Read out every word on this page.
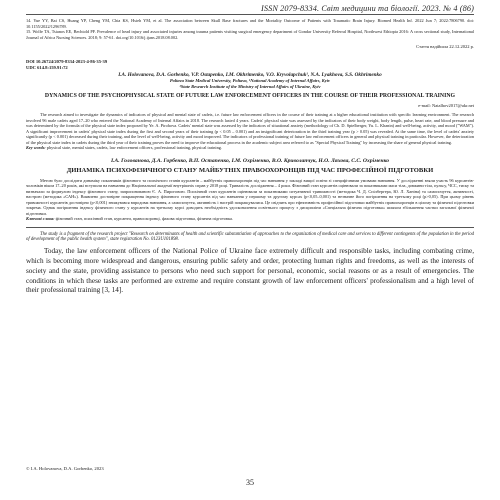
ISSN 2079-8334. Світ медицини та біології. 2023. № 4 (86)
14. Yue YY, Bai CS, Huang YP, Cheng YM, Chia KS, Hsieh YM, et al. The association between Skull Base fractures and the Mortality Outcome of Patients with Traumatic Brain Injury. Biomed Health Inf. 2022 Jun 7; 2022:7806790. doi: 10.1155/2022/1296789.
15. Wolfe TA, Tsianos EE, Bechtold PF. Prevalence of head injury and associated injuries among trauma patients visiting surgical emergency department of Gondar University Referral Hospital, Northwest Ethiopia 2016: A cross sectional study, International Journal of Africa Nursing Sciences. 2018; 9: 57-61. doi.org/10.1016/j.ijans.2018.08.002.
Стаття надійшла 22.12.2022 р.
DOI 10.26724/2079-8334-2023-4-86-35-39
UDC 614.8:159.91:72
I.A. Holovanova, D.A. Gorbenko, V.P. Ostapenko, I.M. Okhrimenko, V.O. Kryvolapchuk¹, N.A. Lyakhova, S.S. Okhrimenko
Poltava State Medical University, Poltava, ¹National Academy of Internal Affairs, Kyiv
²State Research Institute of the Ministry of Internal Affairs of Ukraine, Kyiv
DYNAMICS OF THE PSYCHOPHYSICAL STATE OF FUTURE LAW ENFORCEMENT OFFICERS IN THE COURSE OF THEIR PROFESSIONAL TRAINING
e-mail: Natalhov2017@ukr.net
The research aimed to investigate the dynamics of indicators of physical and mental state of cadets, i.e. future law enforcement officers in the course of their training at a higher educational institution with specific learning environment. The research involved 96 male cadets aged 17–20 who entered the National Academy of Internal Affairs in 2018. The research lasted 4 years. Cadets' physical state was assessed by the indicators of their body weight, body length, pulse, heart rate, and blood pressure and was determined by the formula of the physical state index proposed by Ye. A. Pirohova. Cadets' mental state was assessed by the indicators of situational anxiety (methodology of Ch. D. Spielberger, Yu. L. Khanin) and well-being, activity, and mood ("WAM"). A significant improvement in cadets' physical state index during the first and second years of their training (p < 0.05 – 0.001) and an insignificant deterioration in the third training year (p > 0.05) was revealed. At the same time, the level of cadets' anxiety significantly (p < 0.001) decreased during their training, and the level of well-being, activity and mood improved. The indicators of professional training of future law enforcement officers in general and physical training in particular. However, the deterioration of the physical state index in cadets during the third year of their training proves the need to improve the educational process in the academic subject area referred to as "Special Physical Training" by increasing the share of general physical training.
Key words: physical state, mental states, cadets, law enforcement officers, professional training, physical training.
І.А. Голованова, Д.А. Горбенко, В.П. Остапенко, І.М. Охріменко, В.О. Криволапчук, Н.О. Ляхова, С.С. Охріменко
ДИНАМІКА ПСИХОФІЗИЧНОГО СТАНУ МАЙБУТНІХ ПРАВООХОРОНЦІВ ПІД ЧАС ПРОФЕСІЙНОЇ ПІДГОТОВКИ
Метою було дослідити динаміку показників фізичного та психічного станів курсантів – майбутніх правоохоронців під час навчання у закладі вищої освіти зі специфічними умовами навчання. У дослідженні взяли участь 96 курсантів-чоловіків віком 17–20 років, які вступили на навчання до Національної академії внутрішніх справ у 2018 році. Тривалість дослідження – 4 роки. Фізичний стан курсантів оцінювали за показниками маси тіла, довжини тіла, пульсу, ЧСС, тиску та визначали за формулою індексу фізичного стану, запропонованою Є. А. Пироговою. Психічний стан курсантів оцінювали за показниками ситуативної тривожності (методика Ч. Д. Спілбергера, Ю. Л. Ханіна) та самопочуття, активності, настрою (методика «САН»). Виявлено достовірне покращення індексу фізичного стану курсантів під час навчання у першому та другому курсах (p<0,05–0,001) та незначне його погіршення на третьому році (p>0,05). При цьому рівень тривожності курсантів достовірно (p<0,001) знижувався впродовж навчання, а самопочуття, активність і настрій покращувалися. Це свідчить про ефективність професійної підготовки майбутніх правоохоронців в цілому та фізичної підготовки зокрема. Однак погіршення індексу фізичного стану у курсантів на третьому курсі доводить необхідність удосконалення освітнього процесу з дисципліни «Спеціальна фізична підготовка» шляхом збільшення частки загальної фізичної підготовки.
Ключові слова: фізичний стан, психічний стан, курсанти, правоохоронці, фахова підготовка, фізична підготовка.
The study is a fragment of the research project "Research on determinants of health and scientific substantiation of approaches to the organization of medical care and services to different contingents of the population in the period of development of the public health system", state registration No. 0123U101898.
Today, the law enforcement officers of the National Police of Ukraine face extremely difficult and responsible tasks, including combating crime, which is becoming more widespread and dangerous, ensuring public safety and order, protecting human rights and freedoms, as well as the interests of society and the state, providing assistance to persons who need such support for personal, economic, social reasons or as a result of emergencies. The conditions in which these tasks are performed are extreme and require constant growth of law enforcement officers' professionalism and a high level of their professional training [3, 14].
© I.A. Holovanova, D.A. Gorbenko, 2023
35
